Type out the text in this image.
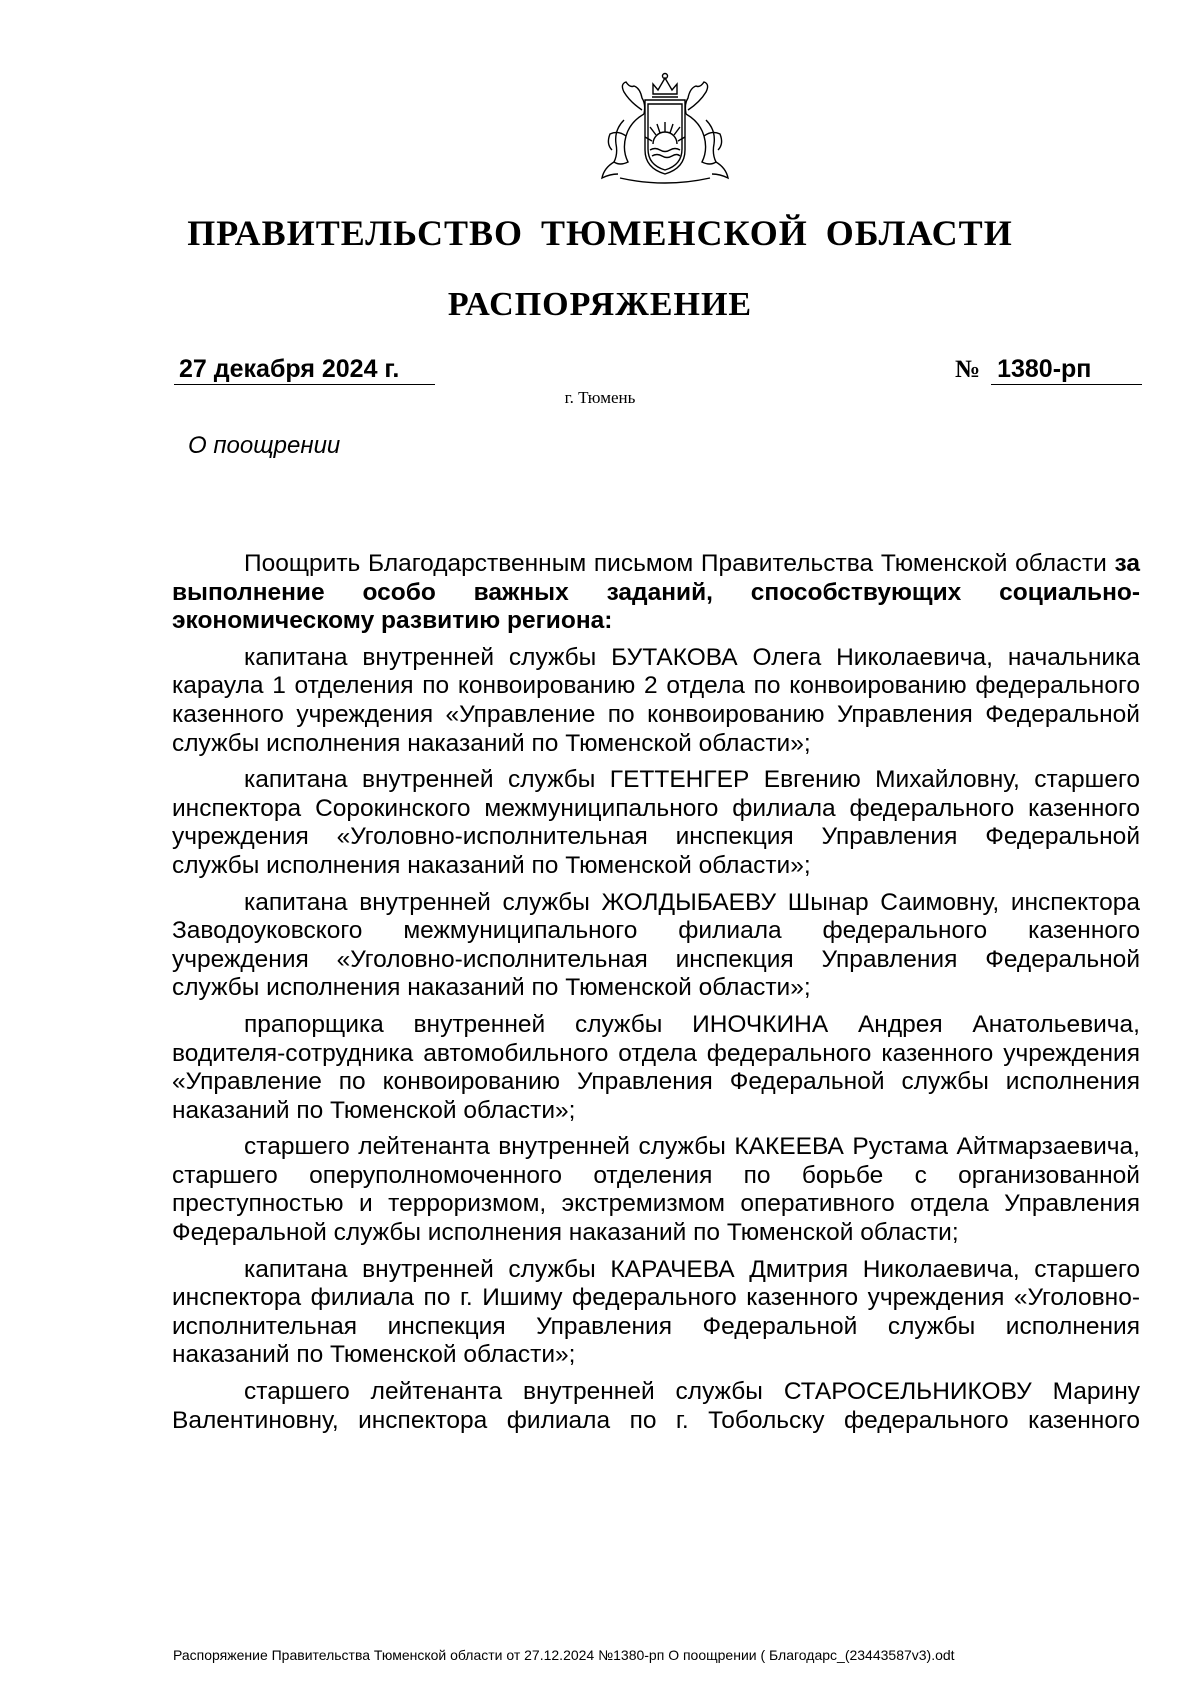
ПРАВИТЕЛЬСТВО ТЮМЕНСКОЙ ОБЛАСТИ
РАСПОРЯЖЕНИЕ
27 декабря 2024 г.	№ 1380-рп
г. Тюмень
О поощрении

Поощрить Благодарственным письмом Правительства Тюменской области за выполнение особо важных заданий, способствующих социально-экономическому развитию региона:

капитана внутренней службы БУТАКОВА Олега Николаевича, начальника караула 1 отделения по конвоированию 2 отдела по конвоированию федерального казенного учреждения «Управление по конвоированию Управления Федеральной службы исполнения наказаний по Тюменской области»;

капитана внутренней службы ГЕТТЕНГЕР Евгению Михайловну, старшего инспектора Сорокинского межмуниципального филиала федерального казенного учреждения «Уголовно-исполнительная инспекция Управления Федеральной службы исполнения наказаний по Тюменской области»;

капитана внутренней службы ЖОЛДЫБАЕВУ Шынар Саимовну, инспектора Заводоуковского межмуниципального филиала федерального казенного учреждения «Уголовно-исполнительная инспекция Управления Федеральной службы исполнения наказаний по Тюменской области»;

прапорщика внутренней службы ИНОЧКИНА Андрея Анатольевича, водителя-сотрудника автомобильного отдела федерального казенного учреждения «Управление по конвоированию Управления Федеральной службы исполнения наказаний по Тюменской области»;

старшего лейтенанта внутренней службы КАКЕЕВА Рустама Айтмарзаевича, старшего оперуполномоченного отделения по борьбе с организованной преступностью и терроризмом, экстремизмом оперативного отдела Управления Федеральной службы исполнения наказаний по Тюменской области;

капитана внутренней службы КАРАЧЕВА Дмитрия Николаевича, старшего инспектора филиала по г. Ишиму федерального казенного учреждения «Уголовно-исполнительная инспекция Управления Федеральной службы исполнения наказаний по Тюменской области»;

старшего лейтенанта внутренней службы СТАРОСЕЛЬНИКОВУ Марину Валентиновну, инспектора филиала по г. Тобольску федерального казенного

Распоряжение Правительства Тюменской области от 27.12.2024 №1380-рп О поощрении ( Благодарс_(23443587v3).odt
